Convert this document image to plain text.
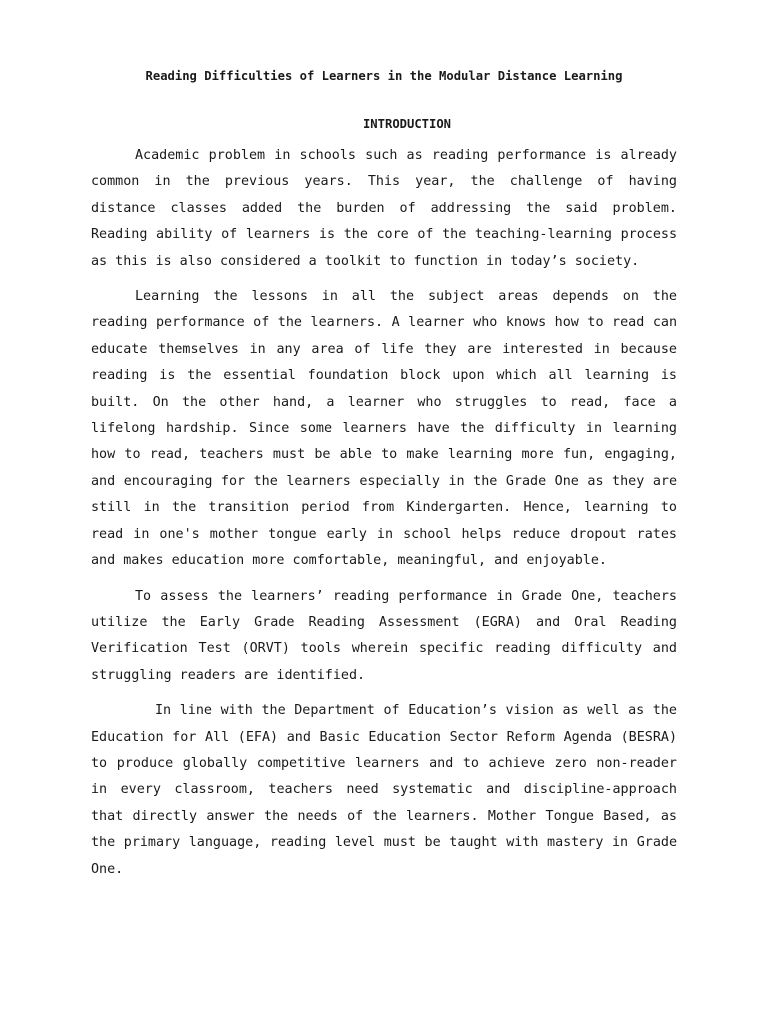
Reading Difficulties of Learners in the Modular Distance Learning
INTRODUCTION

Academic problem in schools such as reading performance is already common in the previous years. This year, the challenge of having distance classes added the burden of addressing the said problem. Reading ability of learners is the core of the teaching-learning process as this is also considered a toolkit to function in today’s society.

Learning the lessons in all the subject areas depends on the reading performance of the learners. A learner who knows how to read can educate themselves in any area of life they are interested in because reading is the essential foundation block upon which all learning is built. On the other hand, a learner who struggles to read, face a lifelong hardship. Since some learners have the difficulty in learning how to read, teachers must be able to make learning more fun, engaging, and encouraging for the learners especially in the Grade One as they are still in the transition period from Kindergarten. Hence, learning to read in one's mother tongue early in school helps reduce dropout rates and makes education more comfortable, meaningful, and enjoyable.

To assess the learners’ reading performance in Grade One, teachers utilize the Early Grade Reading Assessment (EGRA) and Oral Reading Verification Test (ORVT) tools wherein specific reading difficulty and struggling readers are identified.

In line with the Department of Education’s vision as well as the Education for All (EFA) and Basic Education Sector Reform Agenda (BESRA) to produce globally competitive learners and to achieve zero non-reader in every classroom, teachers need systematic and discipline-approach that directly answer the needs of the learners. Mother Tongue Based, as the primary language, reading level must be taught with mastery in Grade One.
